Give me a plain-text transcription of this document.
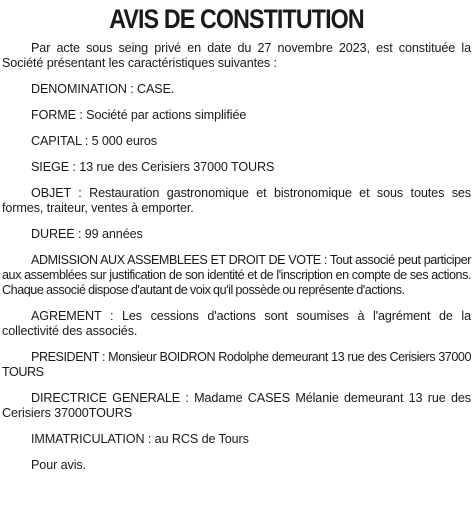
AVIS DE CONSTITUTION

Par acte sous seing privé en date du 27 novembre 2023, est constituée la Société présentant les caractéristiques suivantes :

DENOMINATION : CASE.

FORME : Société par actions simplifiée

CAPITAL : 5 000 euros

SIEGE : 13 rue des Cerisiers 37000 TOURS

OBJET : Restauration gastronomique et bistronomique et sous toutes ses formes, traiteur, ventes à emporter.

DUREE : 99 années

ADMISSION AUX ASSEMBLEES ET DROIT DE VOTE : Tout associé peut participer aux assemblées sur justification de son identité et de l'inscription en compte de ses actions. Chaque associé dispose d'autant de voix qu'il possède ou représente d'actions.

AGREMENT : Les cessions d'actions sont soumises à l'agrément de la collectivité des associés.

PRESIDENT : Monsieur BOIDRON Rodolphe demeurant 13 rue des Cerisiers 37000 TOURS

DIRECTRICE GENERALE : Madame CASES Mélanie demeurant 13 rue des Cerisiers 37000TOURS

IMMATRICULATION : au RCS de Tours

Pour avis.
